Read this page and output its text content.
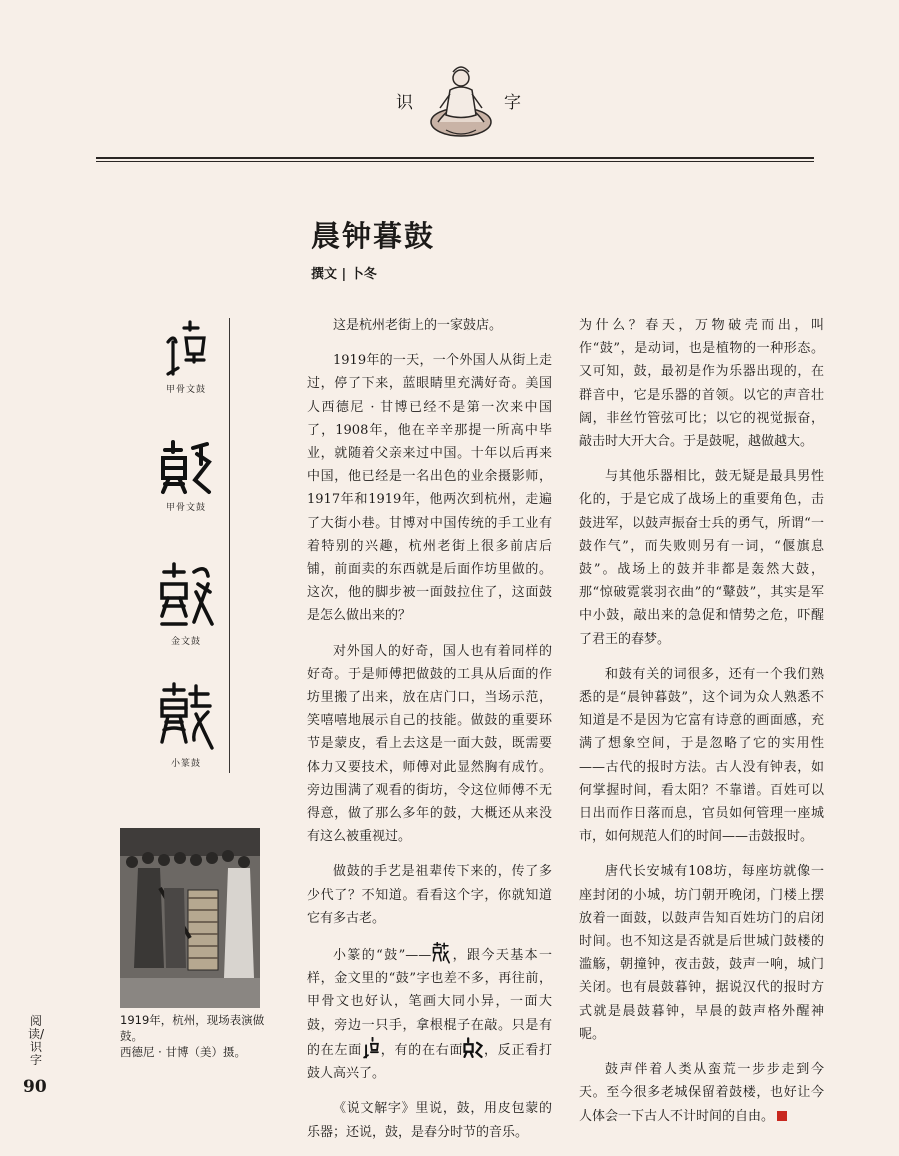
识	字
晨钟暮鼓
撰文 | 卜冬
甲骨文鼓
甲骨文鼓
金文鼓
小篆鼓
1919年，杭州，现场表演做鼓。
西德尼 · 甘博（美）摄。
阅读/识字
90

这是杭州老街上的一家鼓店。

1919年的一天，一个外国人从街上走过，停了下来，蓝眼睛里充满好奇。美国人西德尼 · 甘博已经不是第一次来中国了，1908年，他在辛辛那提一所高中毕业，就随着父亲来过中国。十年以后再来中国，他已经是一名出色的业余摄影师，1917年和1919年，他两次到杭州，走遍了大街小巷。甘博对中国传统的手工业有着特别的兴趣，杭州老街上很多前店后铺，前面卖的东西就是后面作坊里做的。这次，他的脚步被一面鼓拉住了，这面鼓是怎么做出来的？

对外国人的好奇，国人也有着同样的好奇。于是师傅把做鼓的工具从后面的作坊里搬了出来，放在店门口，当场示范，笑嘻嘻地展示自己的技能。做鼓的重要环节是蒙皮，看上去这是一面大鼓，既需要体力又要技术，师傅对此显然胸有成竹。旁边围满了观看的街坊，令这位师傅不无得意，做了那么多年的鼓，大概还从来没有这么被重视过。

做鼓的手艺是祖辈传下来的，传了多少代了？不知道。看看这个字，你就知道它有多古老。

小篆的“鼓”—— ，跟今天基本一样，金文里的“鼓”字也差不多，再往前，甲骨文也好认，笔画大同小异，一面大鼓，旁边一只手，拿根棍子在敲。只是有的在左面 ，有的在右面 ，反正看打鼓人高兴了。

《说文解字》里说，鼓，用皮包蒙的乐器；还说，鼓，是春分时节的音乐。

为什么？春天，万物破壳而出，叫作“鼓”，是动词，也是植物的一种形态。又可知，鼓，最初是作为乐器出现的，在群音中，它是乐器的首领。以它的声音壮阔，非丝竹管弦可比；以它的视觉振奋，敲击时大开大合。于是鼓呢，越做越大。

与其他乐器相比，鼓无疑是最具男性化的，于是它成了战场上的重要角色，击鼓进军，以鼓声振奋士兵的勇气，所谓“一鼓作气”，而失败则另有一词，“偃旗息鼓”。战场上的鼓并非都是轰然大鼓，那“惊破霓裳羽衣曲”的“鼙鼓”，其实是军中小鼓，敲出来的急促和情势之危，吓醒了君王的春梦。

和鼓有关的词很多，还有一个我们熟悉的是“晨钟暮鼓”，这个词为众人熟悉不知道是不是因为它富有诗意的画面感，充满了想象空间，于是忽略了它的实用性——古代的报时方法。古人没有钟表，如何掌握时间，看太阳？不靠谱。百姓可以日出而作日落而息，官员如何管理一座城市，如何规范人们的时间——击鼓报时。

唐代长安城有108坊，每座坊就像一座封闭的小城，坊门朝开晚闭，门楼上摆放着一面鼓，以鼓声告知百姓坊门的启闭时间。也不知这是否就是后世城门鼓楼的滥觞，朝撞钟，夜击鼓，鼓声一响，城门关闭。也有晨鼓暮钟，据说汉代的报时方式就是晨鼓暮钟，早晨的鼓声格外醒神呢。

鼓声伴着人类从蛮荒一步步走到今天。至今很多老城保留着鼓楼，也好让今人体会一下古人不计时间的自由。
